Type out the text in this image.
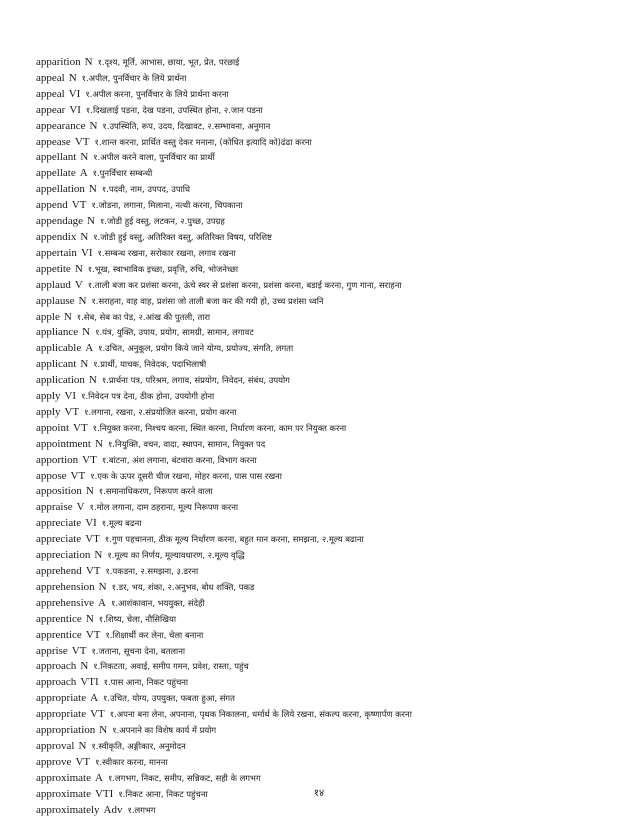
apparition N १.दृश्य, मूर्ति, आभास, छाया, भूत, प्रेत, परछाई
appeal N १.अपील, पुनर्विचार के लिये प्रार्थना
appeal VI १.अपील करना, पुनर्विचार के लिये प्रार्थना करना
appear VI १.दिखलाई पडना, देख पडना, उपस्थित होना, २.जान पडना
appearance N १.उपस्थिति, रूप, उदय, दिखावट, २.सम्भावना, अनुमान
appease VT १.शान्त करना, प्रार्थित वस्तु देकर मनाना, (कोधित इत्यादि को)ढंढा करना
appellant N १.अपील करने वाला, पुनर्विचार का प्रार्थी
appellate A १.पुनर्विचार सम्बन्धी
appellation N १.पदवी, नाम, उपपद, उपाधि
append VT १.जोडना, लगाना, मिलाना, नत्थी करना, चिपकाना
appendage N १.जोडी हुई वस्तु, लटकन, २.पुच्छ, उपग्रह
appendix N १.जोडी हुई वस्तु, अतिरिक्त वस्तु, अतिरिक्त विषय, परिशिष्ट
appertain VI १.सम्बन्ध रखना, सरोकार रखना, लगाव रखना
appetite N १.भूख, स्वाभाविक इच्छा, प्रवृत्ति, रुचि, भोजनेच्छा
applaud V १.ताली बजा कर प्रशंसा करना, ऊंचे स्वर से प्रशंसा करना, प्रशंसा करना, बडाई करना, गुण गाना, सराहना
applause N १.सराहना, वाह वाह, प्रशंसा जो ताली बजा कर की गयी हो, उच्च प्रशंसा ध्वनि
apple N १.सेब, सेब का पेड, २.आंख की पुतली, तारा
appliance N १.यंत्र, युक्ति, उपाय, प्रयोग, सामग्री, सामान, लगावट
applicable A १.उचित, अनुकूल, प्रयोग किये जाने योग्य, प्रयोज्य, संगति, लगता
applicant N १.प्रार्थी, याचक, निवेदक, पदाभिलाषी
application N १.प्रार्थना पत्र, परिश्रम, लगाव, संप्रयोग, निवेदन, संबंध, उपयोग
apply VI १.निवेदन पत्र देना, ठीक होना, उपयोगी होना
apply VT १.लगाना, रखना, २.संप्रयोजित करना, प्रयोग करना
appoint VT १.नियुक्त करना, निश्चय करना, स्थित करना, निर्धारण करना, काम पर नियुक्त करना
appointment N १.नियुक्ति, वचन, वादा, स्थापन, सामान, नियुक्त पद
apportion VT १.बांटना, अंश लगाना, बंटवारा करना, विभाग करना
appose VT १.एक के ऊपर दूसरी चीज रखना, मोहर करना, पास पास रखना
apposition N १.समानाधिकरण, निरूपण करने वाला
appraise V १.मोल लगाना, दाम ठहराना, मूल्य निरूपण करना
appreciate VI १.मूल्य बढना
appreciate VT १.गुण पहचानना, ठीक मूल्य निर्धारण करना, बहुत मान करना, समझना, २.मूल्य बढाना
appreciation N १.मूल्य का निर्णय, मूल्यावधारण, २.मूल्य वृद्धि
apprehend VT १.पकडना, २.समझना, ३.डरना
apprehension N १.डर, भय, शंका, २.अनुभव, बोध शक्ति, पकड
apprehensive A १.आशंकावान, भययुक्त, संदेही
apprentice N १.शिष्य, चेला, नौसिखिया
apprentice VT १.शिक्षार्थी कर लेना, चेला बनाना
apprise VT १.जताना, सूचना देना, बतलाना
approach N १.निकटता, अवाई, समीप गमन, प्रवेश, रास्ता, पहुंच
approach VTI १.पास आना, निकट पहुंचना
appropriate A १.उचित, योग्य, उपयुक्त, फबता हुआ, संगत
appropriate VT १.अपना बना लेना, अपनाना, पृथक निकालना, धर्मार्थ के लिये रखना, संकल्प करना, कृष्णार्पण करना
appropriation N १.अपनाने का विशेष कार्य में प्रयोग
approval N १.स्वीकृति, अङ्गीकार, अनुमोदन
approve VT १.स्वीकार करना, मानना
approximate A १.लगभग, निकट, समीप, सन्निकट, सही के लगभग
approximate VTI १.निकट आना, निकट पहुंचना
approximately Adv १.लगभग
१४
